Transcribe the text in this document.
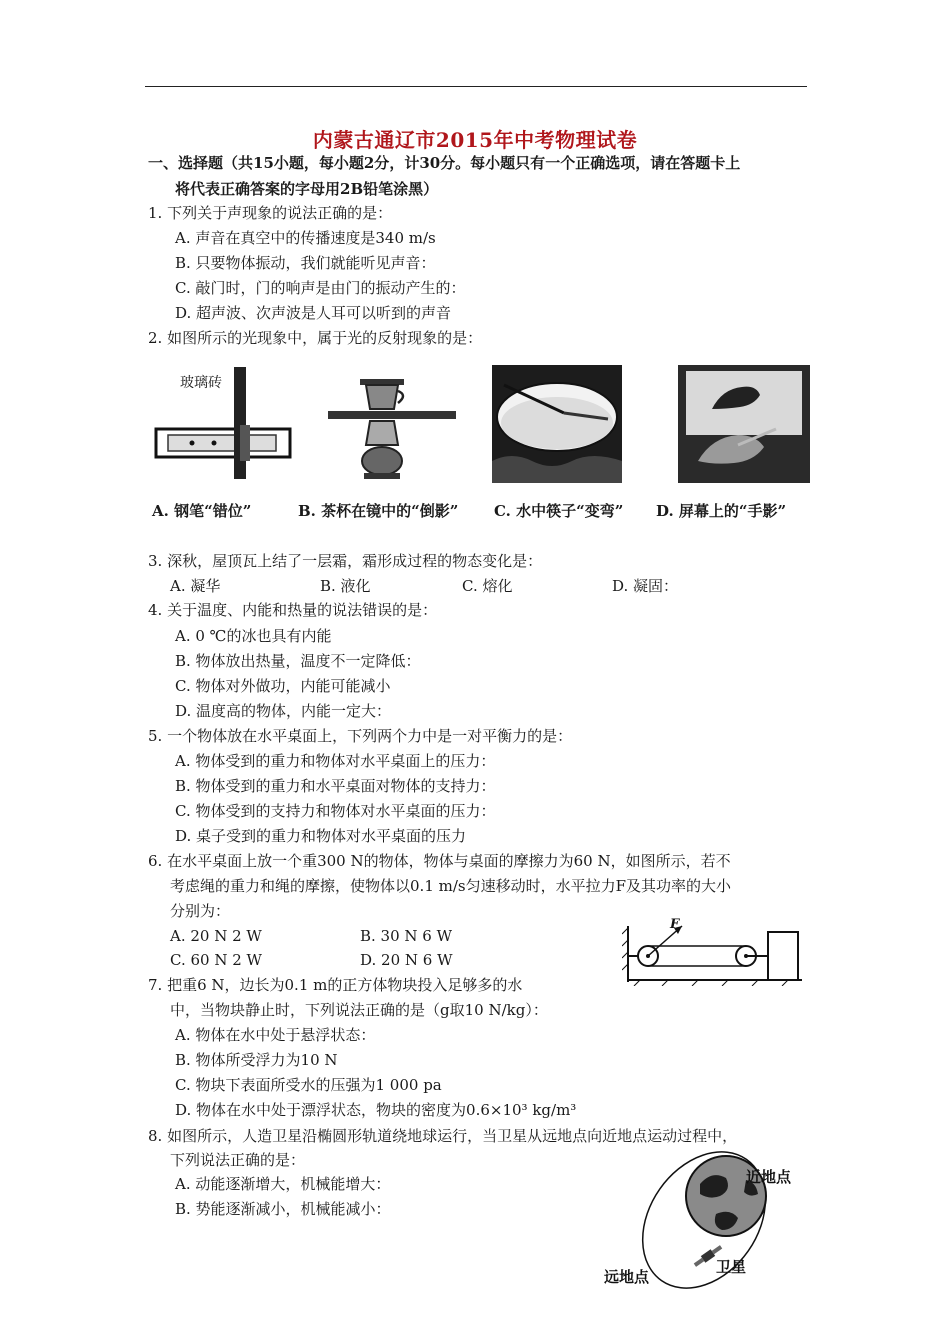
内蒙古通辽市2015年中考物理试卷
一、选择题（共15小题，每小题2分，计30分。每小题只有一个正确选项，请在答题卡上
将代表正确答案的字母用2B铅笔涂黑）
1. 下列关于声现象的说法正确的是：
A. 声音在真空中的传播速度是340 m/s
B. 只要物体振动，我们就能听见声音：
C. 敲门时，门的响声是由门的振动产生的：
D. 超声波、次声波是人耳可以听到的声音
2. 如图所示的光现象中，属于光的反射现象的是：
玻璃砖
A. 钢笔“错位”	B. 茶杯在镜中的“倒影” C. 水中筷子“变弯” D. 屏幕上的“手影”
3. 深秋，屋顶瓦上结了一层霜，霜形成过程的物态变化是：
A. 凝华	B. 液化	C. 熔化	D. 凝固：
4. 关于温度、内能和热量的说法错误的是：
A. 0 ℃的冰也具有内能
B. 物体放出热量，温度不一定降低：
C. 物体对外做功，内能可能减小
D. 温度高的物体，内能一定大：
5. 一个物体放在水平桌面上，下列两个力中是一对平衡力的是：
A. 物体受到的重力和物体对水平桌面上的压力：
B. 物体受到的重力和水平桌面对物体的支持力：
C. 物体受到的支持力和物体对水平桌面的压力：
D. 桌子受到的重力和物体对水平桌面的压力
6. 在水平桌面上放一个重300 N的物体，物体与桌面的摩擦力为60 N，如图所示，若不
考虑绳的重力和绳的摩擦，使物体以0.1 m/s匀速移动时，水平拉力F及其功率的大小
分别为：
A. 20 N 2 W	B. 30 N 6 W
C. 60 N 2 W	D. 20 N 6 W
F
7. 把重6 N，边长为0.1 m的正方体物块投入足够多的水
中，当物块静止时，下列说法正确的是（g取10 N/kg）：
A. 物体在水中处于悬浮状态：
B. 物体所受浮力为10 N
C. 物块下表面所受水的压强为1 000 pa
D. 物体在水中处于漂浮状态，物块的密度为0.6×10³ kg/m³
8. 如图所示，人造卫星沿椭圆形轨道绕地球运行，当卫星从远地点向近地点运动过程中，
下列说法正确的是：
A. 动能逐渐增大，机械能增大：
B. 势能逐渐减小，机械能减小：
近地点
远地点
卫星
